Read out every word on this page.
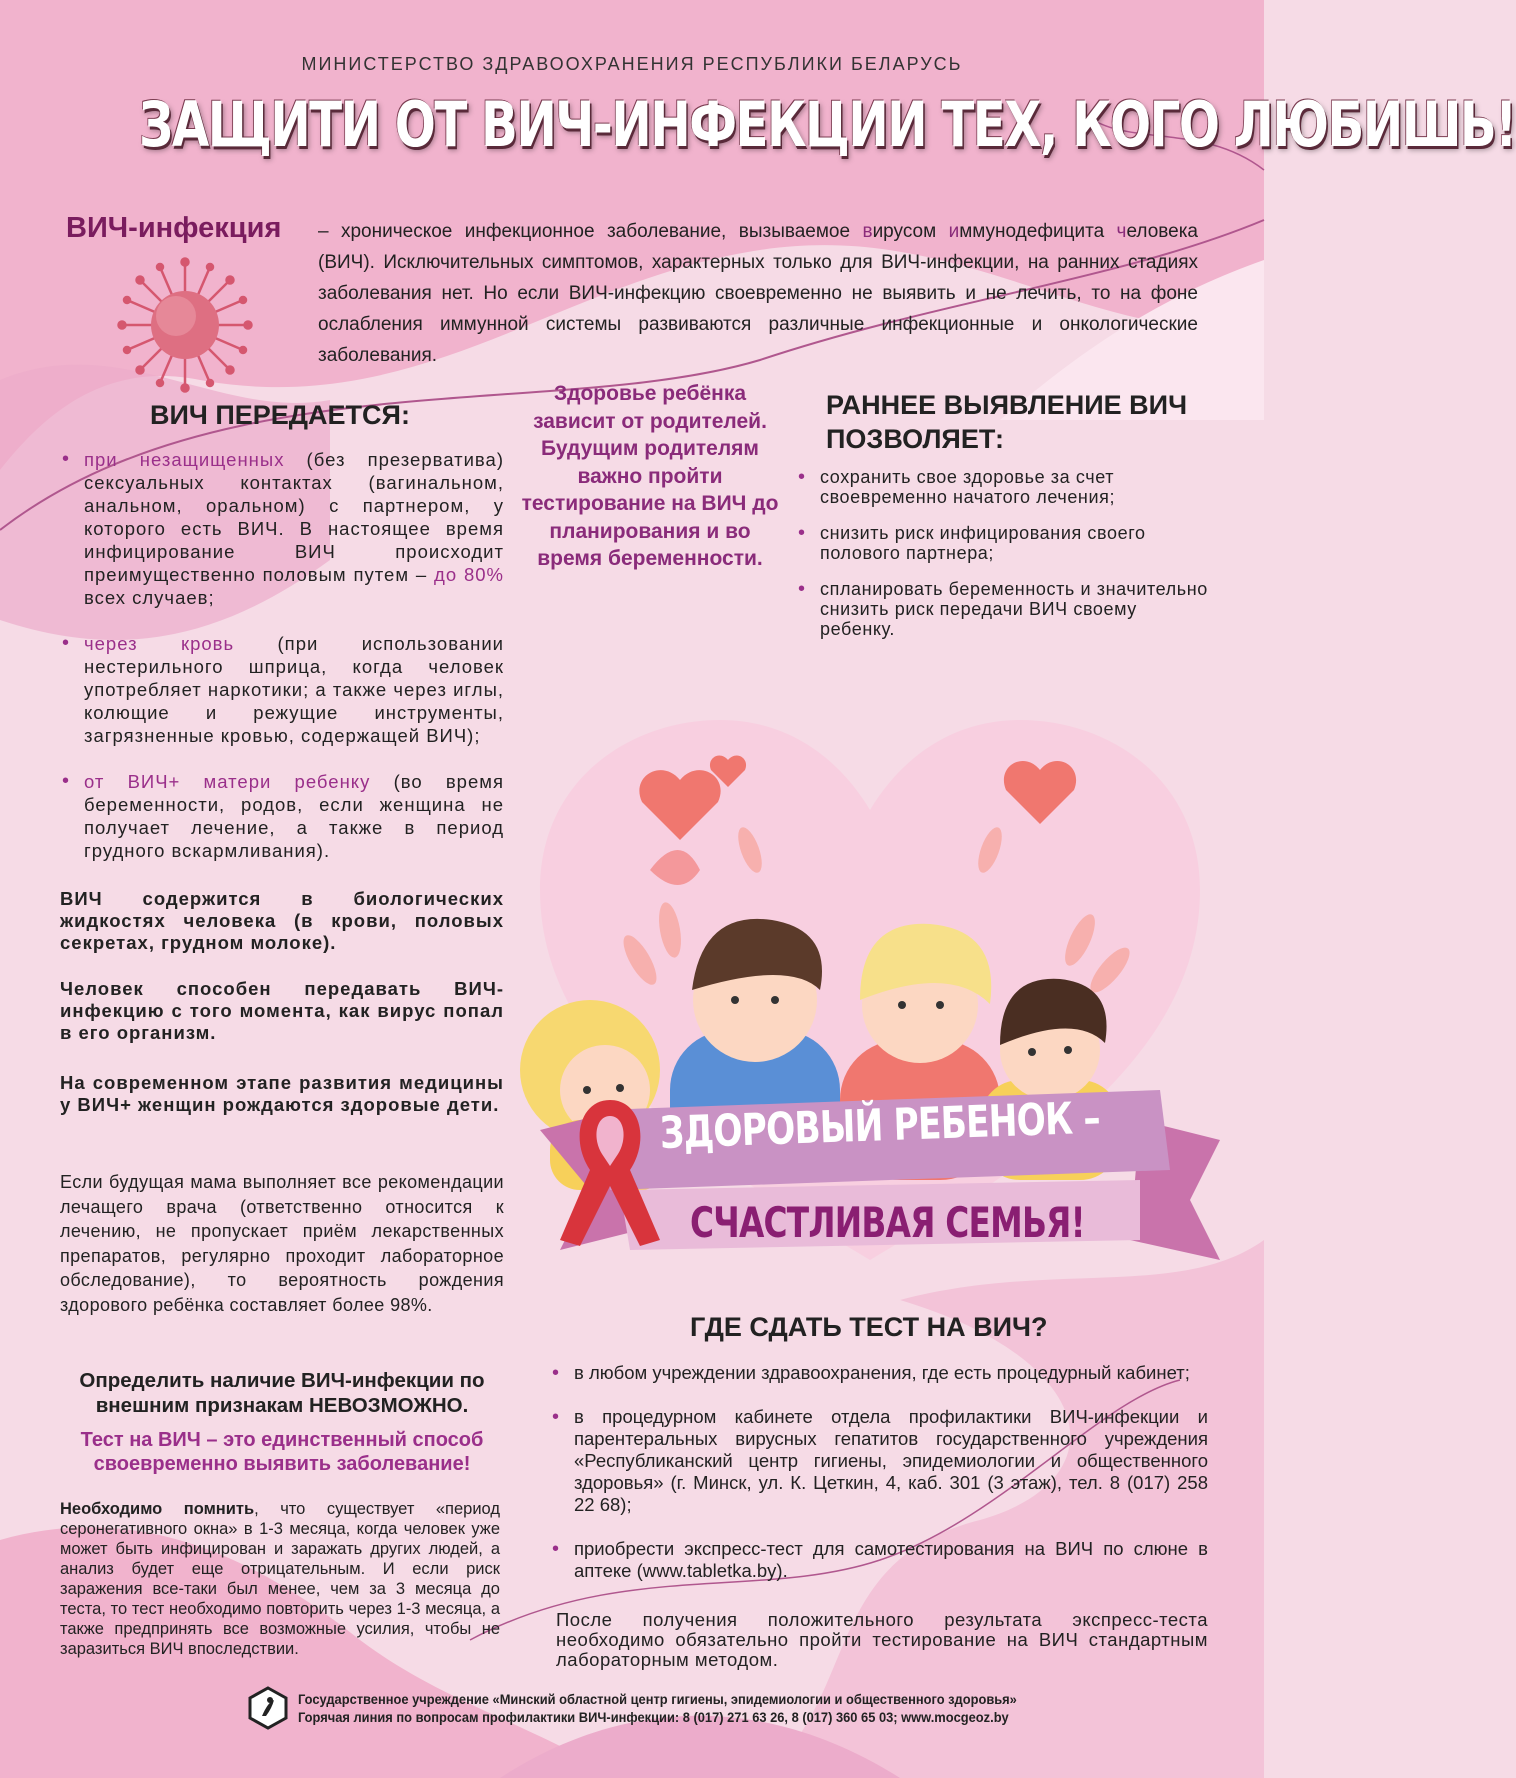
МИНИСТЕРСТВО ЗДРАВООХРАНЕНИЯ РЕСПУБЛИКИ БЕЛАРУСЬ
ЗАЩИТИ ОТ ВИЧ-ИНФЕКЦИИ ТЕХ, КОГО ЛЮБИШЬ!
ВИЧ-инфекция – хроническое инфекционное заболевание, вызываемое вирусом иммунодефицита человека (ВИЧ). Исключительных симптомов, характерных только для ВИЧ-инфекции, на ранних стадиях заболевания нет. Но если ВИЧ-инфекцию своевременно не выявить и не лечить, то на фоне ослабления иммунной системы развиваются различные инфекционные и онкологические заболевания.
ВИЧ ПЕРЕДАЕТСЯ:
• при незащищенных (без презерватива) сексуальных контактах (вагинальном, анальном, оральном) с партнером, у которого есть ВИЧ. В настоящее время инфицирование ВИЧ происходит преимущественно половым путем – до 80% всех случаев;
• через кровь (при использовании нестерильного шприца, когда человек употребляет наркотики; а также через иглы, колющие и режущие инструменты, загрязненные кровью, содержащей ВИЧ);
• от ВИЧ+ матери ребенку (во время беременности, родов, если женщина не получает лечение, а также в период грудного вскармливания).
Здоровье ребёнка зависит от родителей. Будущим родителям важно пройти тестирование на ВИЧ до планирования и во время беременности.
РАННЕЕ ВЫЯВЛЕНИЕ ВИЧ ПОЗВОЛЯЕТ:
• сохранить свое здоровье за счет своевременно начатого лечения;
• снизить риск инфицирования своего полового партнера;
• спланировать беременность и значительно снизить риск передачи ВИЧ своему ребенку.
ВИЧ содержится в биологических жидкостях человека (в крови, половых секретах, грудном молоке).
Человек способен передавать ВИЧ-инфекцию с того момента, как вирус попал в его организм.
На современном этапе развития медицины у ВИЧ+ женщин рождаются здоровые дети.
Если будущая мама выполняет все рекомендации лечащего врача (ответственно относится к лечению, не пропускает приём лекарственных препаратов, регулярно проходит лабораторное обследование), то вероятность рождения здорового ребёнка составляет более 98%.
Определить наличие ВИЧ-инфекции по внешним признакам НЕВОЗМОЖНО.
Тест на ВИЧ – это единственный способ своевременно выявить заболевание!
Необходимо помнить, что существует «период серонегативного окна» в 1-3 месяца, когда человек уже может быть инфицирован и заражать других людей, а анализ будет еще отрицательным. И если риск заражения все-таки был менее, чем за 3 месяца до теста, то тест необходимо повторить через 1-3 месяца, а также предпринять все возможные усилия, чтобы не заразиться ВИЧ впоследствии.
ЗДОРОВЫЙ РЕБЕНОК –
СЧАСТЛИВАЯ СЕМЬЯ!
ГДЕ СДАТЬ ТЕСТ НА ВИЧ?
• в любом учреждении здравоохранения, где есть процедурный кабинет;
• в процедурном кабинете отдела профилактики ВИЧ-инфекции и парентеральных вирусных гепатитов государственного учреждения «Республиканский центр гигиены, эпидемиологии и общественного здоровья» (г. Минск, ул. К. Цеткин, 4, каб. 301 (3 этаж), тел. 8 (017) 258 22 68);
• приобрести экспресс-тест для самотестирования на ВИЧ по слюне в аптеке (www.tabletka.by).
После получения положительного результата экспресс-теста необходимо обязательно пройти тестирование на ВИЧ стандартным лабораторным методом.
Государственное учреждение «Минский областной центр гигиены, эпидемиологии и общественного здоровья»
Горячая линия по вопросам профилактики ВИЧ-инфекции: 8 (017) 271 63 26, 8 (017) 360 65 03; www.mocgeoz.by
